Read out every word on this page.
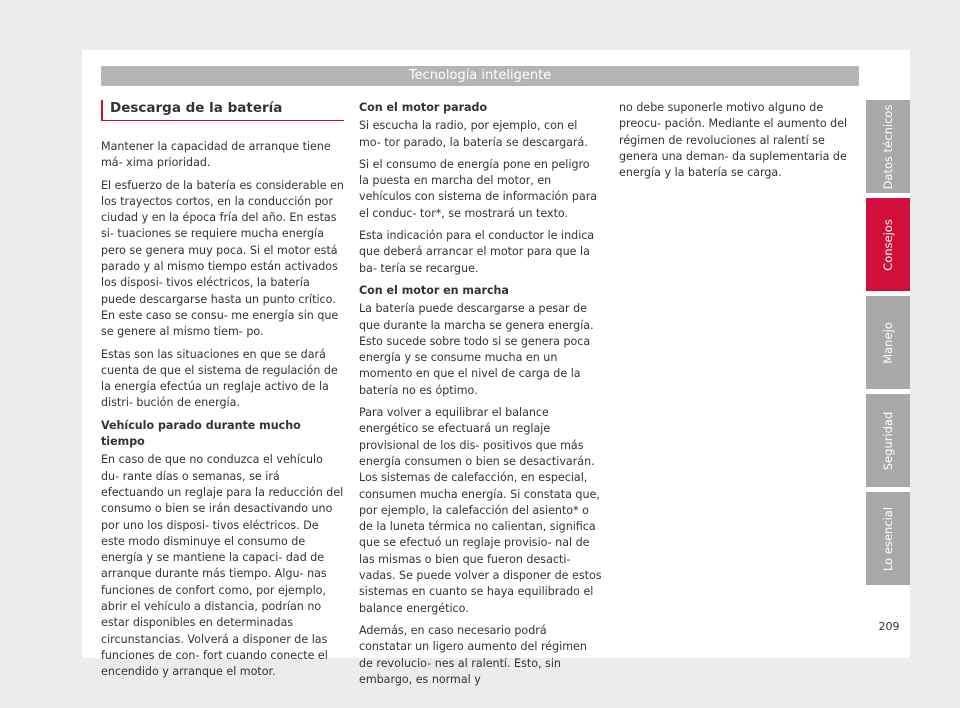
Tecnología inteligente
Descarga de la batería

Mantener la capacidad de arranque tiene má- xima prioridad.

El esfuerzo de la batería es considerable en los trayectos cortos, en la conducción por ciudad y en la época fría del año. En estas si- tuaciones se requiere mucha energía pero se genera muy poca. Si el motor está parado y al mismo tiempo están activados los disposi- tivos eléctricos, la batería puede descargarse hasta un punto crítico. En este caso se consu- me energía sin que se genere al mismo tiem- po.

Estas son las situaciones en que se dará cuenta de que el sistema de regulación de la energía efectúa un reglaje activo de la distri- bución de energía.

Vehículo parado durante mucho tiempo

En caso de que no conduzca el vehículo du- rante días o semanas, se irá efectuando un reglaje para la reducción del consumo o bien se irán desactivando uno por uno los disposi- tivos eléctricos. De este modo disminuye el consumo de energía y se mantiene la capaci- dad de arranque durante más tiempo. Algu- nas funciones de confort como, por ejemplo, abrir el vehículo a distancia, podrían no estar disponibles en determinadas circunstancias. Volverá a disponer de las funciones de con- fort cuando conecte el encendido y arranque el motor.

Con el motor parado

Si escucha la radio, por ejemplo, con el mo- tor parado, la batería se descargará.

Si el consumo de energía pone en peligro la puesta en marcha del motor, en vehículos con sistema de información para el conduc- tor*, se mostrará un texto.

Esta indicación para el conductor le indica que deberá arrancar el motor para que la ba- tería se recargue.

Con el motor en marcha

La batería puede descargarse a pesar de que durante la marcha se genera energía. Esto sucede sobre todo si se genera poca energía y se consume mucha en un momento en que el nivel de carga de la batería no es óptimo.

Para volver a equilibrar el balance energético se efectuará un reglaje provisional de los dis- positivos que más energía consumen o bien se desactivarán. Los sistemas de calefacción, en especial, consumen mucha energía. Si constata que, por ejemplo, la calefacción del asiento* o de la luneta térmica no calientan, significa que se efectuó un reglaje provisio- nal de las mismas o bien que fueron desacti- vadas. Se puede volver a disponer de estos sistemas en cuanto se haya equilibrado el balance energético.

Además, en caso necesario podrá constatar un ligero aumento del régimen de revolucio- nes al ralentí. Esto, sin embargo, es normal y

no debe suponerle motivo alguno de preocu- pación. Mediante el aumento del régimen de revoluciones al ralentí se genera una deman- da suplementaria de energía y la batería se carga.	Datos técnicos
Consejos
Manejo
Seguridad
Lo esencial
209
